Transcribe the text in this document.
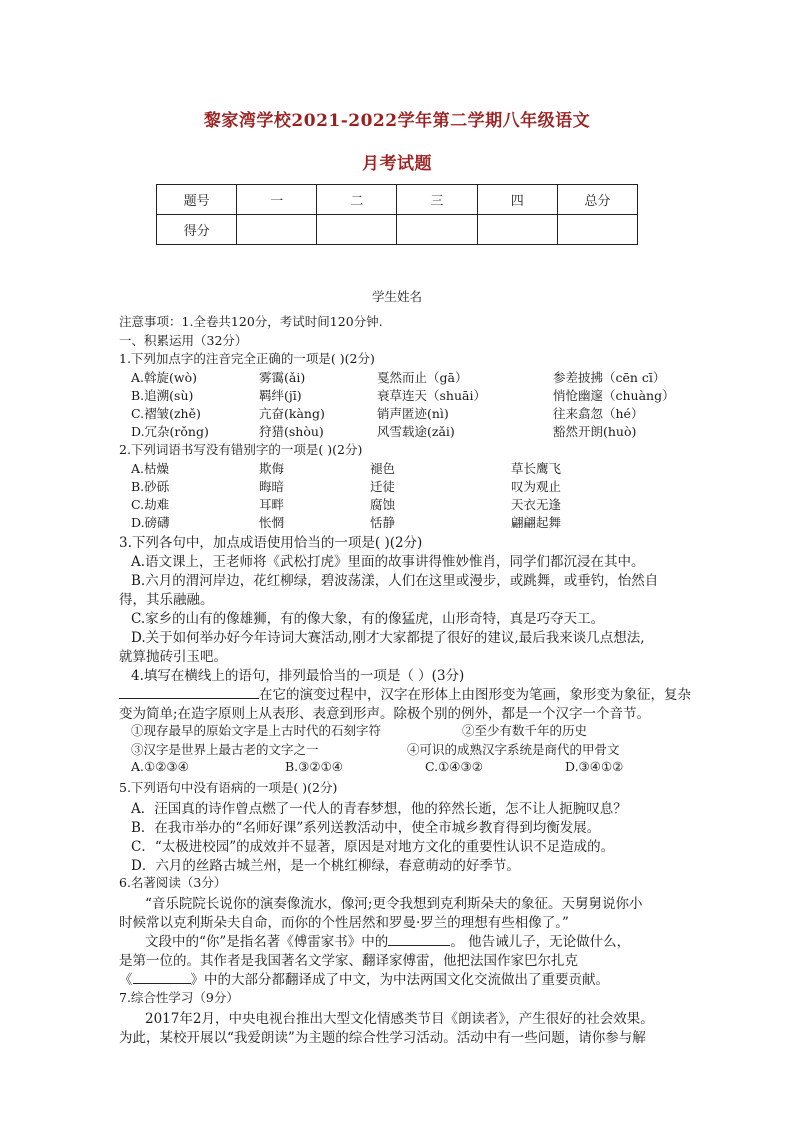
黎家湾学校2021-2022学年第二学期八年级语文
月考试题
题号	一	二	三	四	总分
得分					
学生姓名
注意事项：1.全卷共120分，考试时间120分钟.
一、积累运用（32分）
1.下列加点字的注音完全正确的一项是( )(2分)
A.斡旋(wò)	雾霭(ǎi)	戛然而止（gā）	参差披拂（cēn cī）
B.追溯(sù)	羁绊(jī)	衰草连天（shuāi）	悄怆幽邃（chuàng）
C.褶皱(zhě)	亢奋(kàng)	销声匿迹(nì)	往来翕忽（hé）
D.冗杂(rǒng)	狩猎(shòu)	风雪载途(zǎi)	豁然开朗(huò)
2.下列词语书写没有错别字的一项是( )(2分)
A.枯燥	欺侮	褪色	草长鹰飞
B.砂砾	晦暗	迁徒	叹为观止
C.劫难	耳畔	腐蚀	天衣无逢
D.磅礴	怅惘	恬静	翩翩起舞
3.下列各句中，加点成语使用恰当的一项是( )(2分)
A.语文课上，王老师将《武松打虎》里面的故事讲得惟妙惟肖，同学们都沉浸在其中。
B.六月的渭河岸边，花红柳绿，碧波荡漾，人们在这里或漫步，或跳舞，或垂钓，怡然自
得，其乐融融。
C.家乡的山有的像雄狮，有的像大象，有的像猛虎，山形奇特，真是巧夺天工。
D.关于如何举办好今年诗词大赛活动,刚才大家都提了很好的建议,最后我来谈几点想法,
就算抛砖引玉吧。
4.填写在横线上的语句，排列最恰当的一项是（ ）(3分)
在它的演变过程中，汉字在形体上由图形变为笔画，象形变为象征，复杂
变为简单;在造字原则上从表形、表意到形声。除极个别的例外，都是一个汉字一个音节。
①现存最早的原始文字是上古时代的石刻字符	②至少有数千年的历史
③汉字是世界上最古老的文字之一	④可识的成熟汉字系统是商代的甲骨文
A.①②③④	B.③②①④	C.①④③②	D.③④①②
5.下列语句中没有语病的一项是( )(2分)
A．汪国真的诗作曾点燃了一代人的青春梦想，他的猝然长逝，怎不让人扼腕叹息？
B．在我市举办的“名师好课”系列送教活动中，使全市城乡教育得到均衡发展。
C．“太极进校园”的成效并不显著，原因是对地方文化的重要性认识不足造成的。
D．六月的丝路古城兰州，是一个桃红柳绿，春意萌动的好季节。
6.名著阅读（3分）
“音乐院院长说你的演奏像流水，像河;更令我想到克利斯朵夫的象征。天舅舅说你小
时候常以克利斯朵夫自命，而你的个性居然和罗曼·罗兰的理想有些相像了。”
文段中的“你”是指名著《傅雷家书》中的	。 他告诫儿子，无论做什么，
是第一位的。其作者是我国著名文学家、翻译家傅雷，他把法国作家巴尔扎克
《	》中的大部分都翻译成了中文，为中法两国文化交流做出了重要贡献。
7.综合性学习（9分）
2017年2月，中央电视台推出大型文化情感类节目《朗读者》，产生很好的社会效果。
为此，某校开展以“我爱朗读”为主题的综合性学习活动。活动中有一些问题，请你参与解
